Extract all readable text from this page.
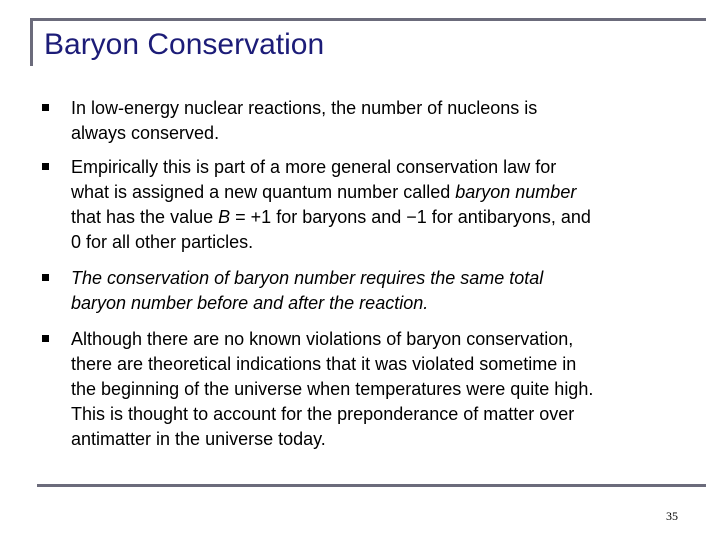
Baryon Conservation
In low-energy nuclear reactions, the number of nucleons is
always conserved.
Empirically this is part of a more general conservation law for
what is assigned a new quantum number called baryon number
that has the value B = +1 for baryons and −1 for antibaryons, and
0 for all other particles.
The conservation of baryon number requires the same total
baryon number before and after the reaction.
Although there are no known violations of baryon conservation,
there are theoretical indications that it was violated sometime in
the beginning of the universe when temperatures were quite high.
This is thought to account for the preponderance of matter over
antimatter in the universe today.
35
